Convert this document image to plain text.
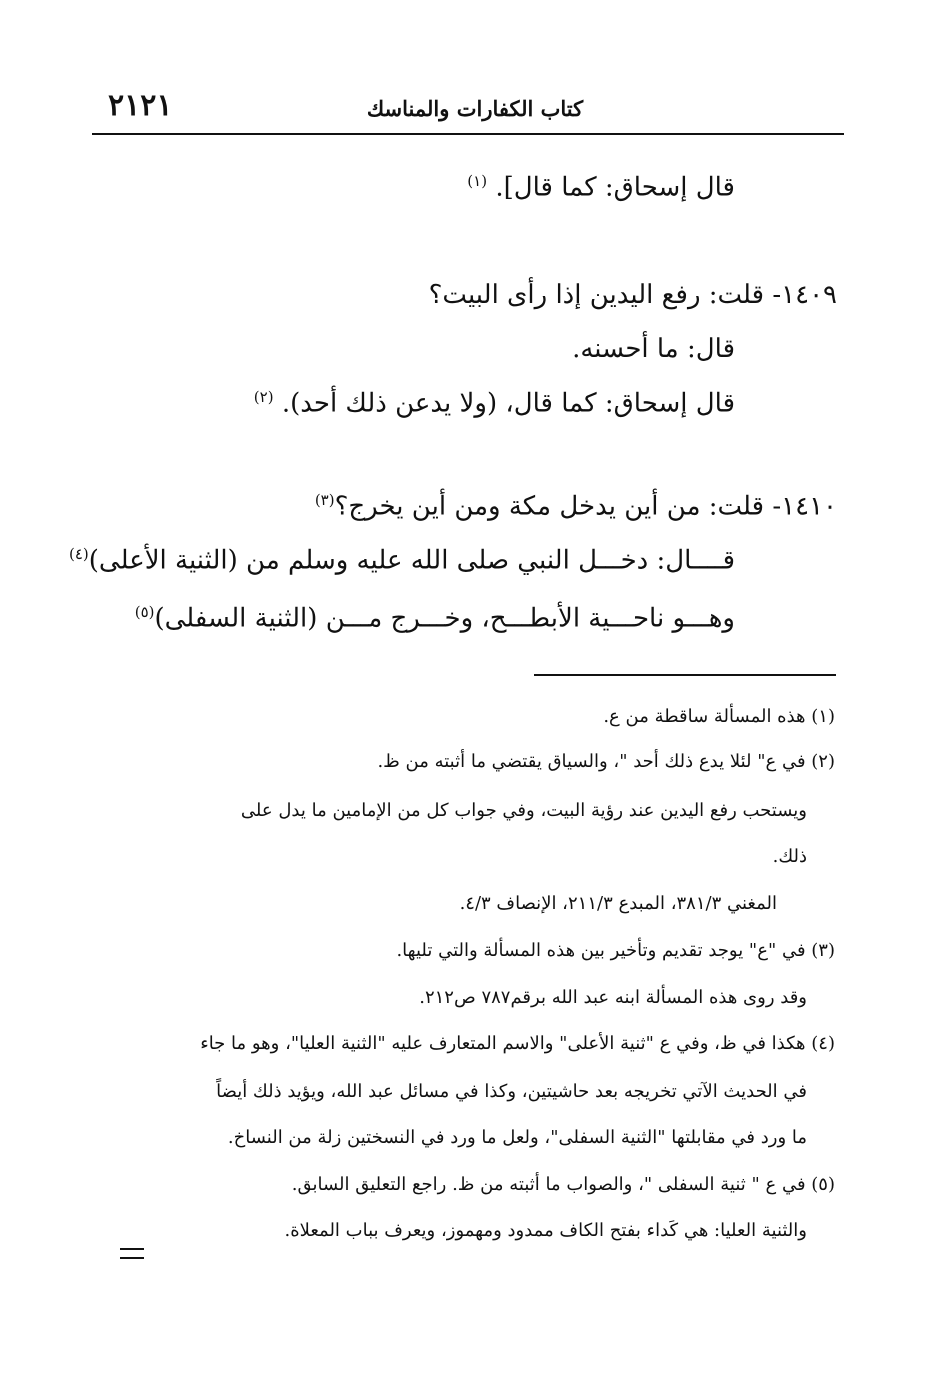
كتاب الكفارات والمناسك
٢١٢١
قال إسحاق: كما قال]. $^{(١)}$
١٤٠٩- قلت: رفع اليدين إذا رأى البيت؟
قال: ما أحسنه.
قال إسحاق: كما قال، (ولا يدعن ذلك أحد). $^{(٢)}$
١٤١٠- قلت: من أين يدخل مكة ومن أين يخرج؟$^{(٣)}$
قــــال: دخـــل النبي صلى الله عليه وسلم من (الثنية الأعلى)$^{(٤)}$
وهـــو ناحـــية الأبطـــح، وخـــرج مـــن (الثنية السفلى)$^{(٥)}$
(١) هذه المسألة ساقطة من ع.
(٢) في ع" لئلا يدع ذلك أحد "، والسياق يقتضي ما أثبته من ظ.
ويستحب رفع اليدين عند رؤية البيت، وفي جواب كل من الإمامين ما يدل على
ذلك.
المغني ٣٨١/٣، المبدع ٢١١/٣، الإنصاف ٤/٣.
(٣) في "ع" يوجد تقديم وتأخير بين هذه المسألة والتي تليها.
وقد روى هذه المسألة ابنه عبد الله برقم٧٨٧ ص٢١٢.
(٤) هكذا في ظ، وفي ع "ثنية الأعلى" والاسم المتعارف عليه "الثنية العليا"، وهو ما جاء
في الحديث الآتي تخريجه بعد حاشيتين، وكذا في مسائل عبد الله، ويؤيد ذلك أيضاً
ما ورد في مقابلتها "الثنية السفلى"، ولعل ما ورد في النسختين زلة من النساخ.
(٥) في ع " ثنية السفلى "، والصواب ما أثبته من ظ. راجع التعليق السابق.
والثنية العليا: هي كَداء بفتح الكاف ممدود ومهموز، ويعرف بباب المعلاة.
